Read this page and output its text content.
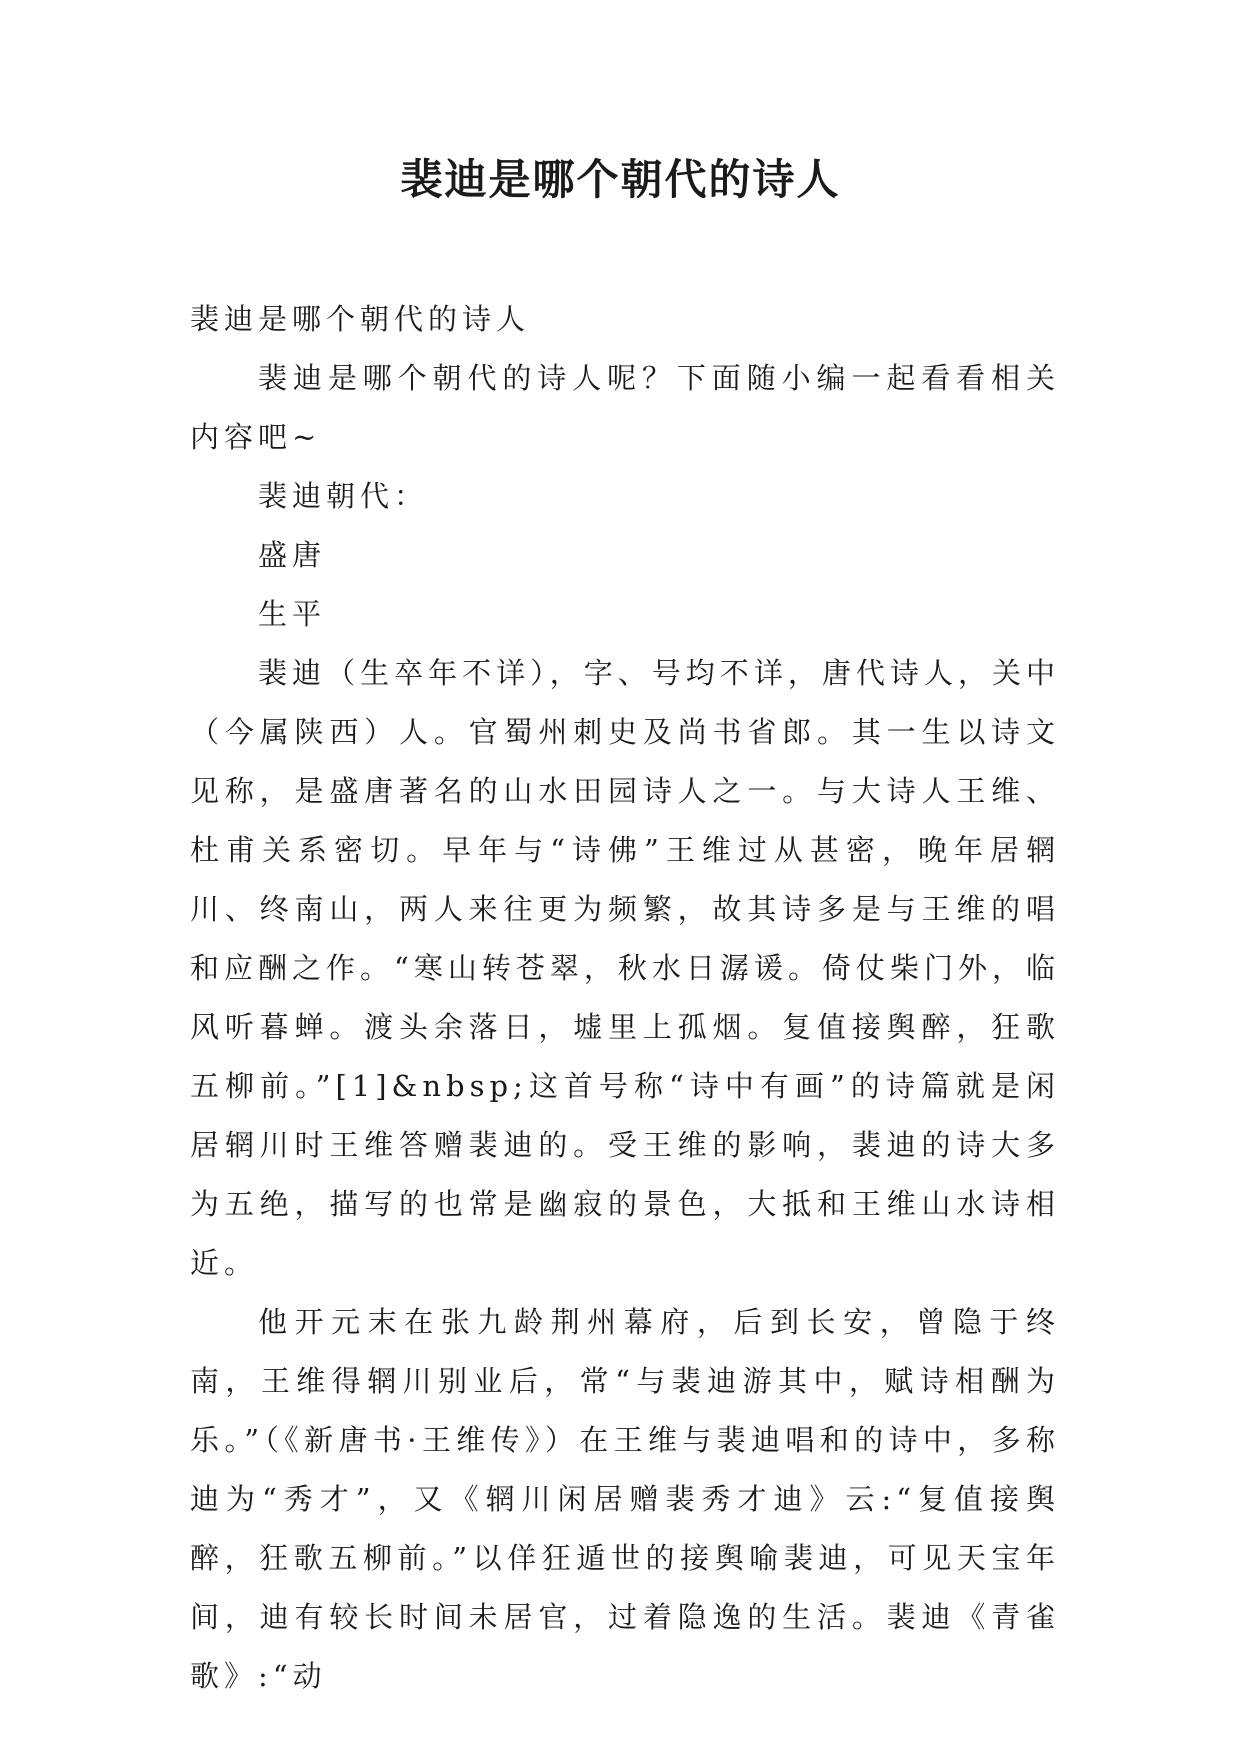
裴迪是哪个朝代的诗人

裴迪是哪个朝代的诗人

裴迪是哪个朝代的诗人呢？下面随小编一起看看相关内容吧~

裴迪朝代：

盛唐

生平

裴迪（生卒年不详），字、号均不详，唐代诗人，关中（今属陕西）人。官蜀州刺史及尚书省郎。其一生以诗文见称，是盛唐著名的山水田园诗人之一。与大诗人王维、杜甫关系密切。早年与“诗佛”王维过从甚密，晚年居辋川、终南山，两人来往更为频繁，故其诗多是与王维的唱和应酬之作。“寒山转苍翠，秋水日潺谖。倚仗柴门外，临风听暮蝉。渡头余落日，墟里上孤烟。复值接舆醉，狂歌五柳前。”[1]&nbsp;这首号称“诗中有画”的诗篇就是闲居辋川时王维答赠裴迪的。受王维的影响，裴迪的诗大多为五绝，描写的也常是幽寂的景色，大抵和王维山水诗相近。

他开元末在张九龄荆州幕府，后到长安，曾隐于终南，王维得辋川别业后，常“与裴迪游其中，赋诗相酬为乐。”（《新唐书·王维传》）在王维与裴迪唱和的诗中，多称迪为“秀才”，又《辋川闲居赠裴秀才迪》云:“复值接舆醉，狂歌五柳前。”以佯狂遁世的接舆喻裴迪，可见天宝年间，迪有较长时间未居官，过着隐逸的生活。裴迪《青雀歌》:“动
